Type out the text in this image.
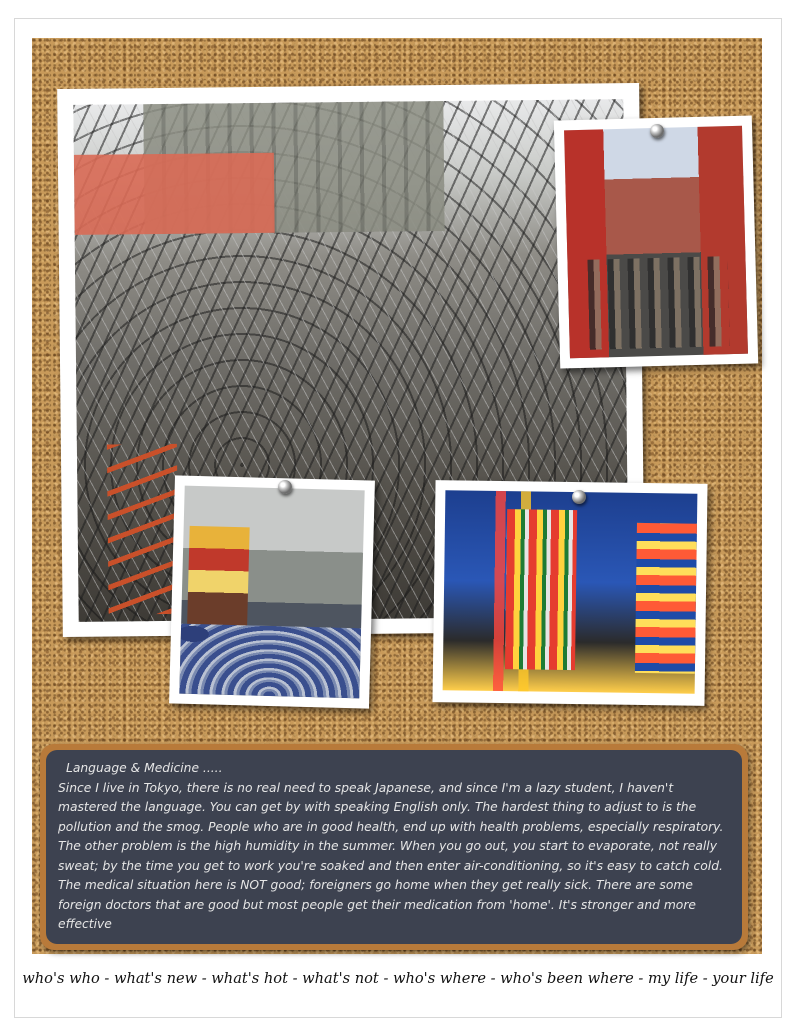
Language & Medicine .....
Since I live in Tokyo, there is no real need to speak Japanese, and since I'm a lazy student, I haven't mastered the language. You can get by with speaking English only. The hardest thing to adjust to is the pollution and the smog. People who are in good health, end up with health problems, especially respiratory. The other problem is the high humidity in the summer. When you go out, you start to evaporate, not really sweat; by the time you get to work you're soaked and then enter air-conditioning, so it's easy to catch cold. The medical situation here is NOT good; foreigners go home when they get really sick. There are some foreign doctors that are good but most people get their medication from 'home'. It's stronger and more effective
who's who - what's new - what's hot - what's not - who's where - who's been where - my life - your life
